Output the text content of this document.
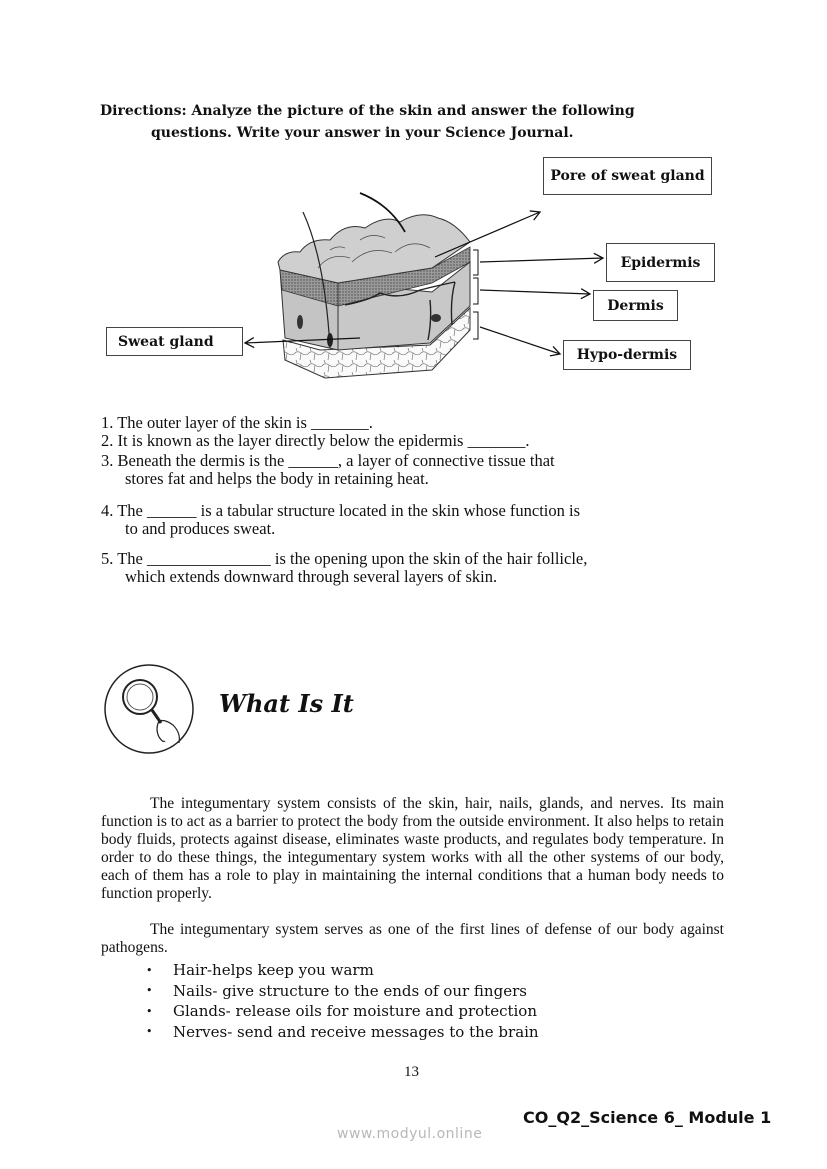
Directions: Analyze the picture of the skin and answer the following
questions. Write your answer in your Science Journal.
Pore of sweat gland
Epidermis
Dermis
Hypo-dermis
Sweat gland
1. The outer layer of the skin is _______.
2. It is known as the layer directly below the epidermis _______.
3. Beneath the dermis is the ______, a layer of connective tissue that
stores fat and helps the body in retaining heat.
4. The ______ is a tabular structure located in the skin whose function is
to and produces sweat.
5. The _______________ is the opening upon the skin of the hair follicle,
which extends downward through several layers of skin.
What Is It
The integumentary system consists of the skin, hair, nails, glands, and nerves. Its main function is to act as a barrier to protect the body from the outside environment. It also helps to retain body fluids, protects against disease, eliminates waste products, and regulates body temperature. In order to do these things, the integumentary system works with all the other systems of our body, each of them has a role to play in maintaining the internal conditions that a human body needs to function properly.
The integumentary system serves as one of the first lines of defense of our body against pathogens.
•	Hair-helps keep you warm
•	Nails- give structure to the ends of our fingers
•	Glands- release oils for moisture and protection
•	Nerves- send and receive messages to the brain
13
CO_Q2_Science 6_ Module 1
www.modyul.online
